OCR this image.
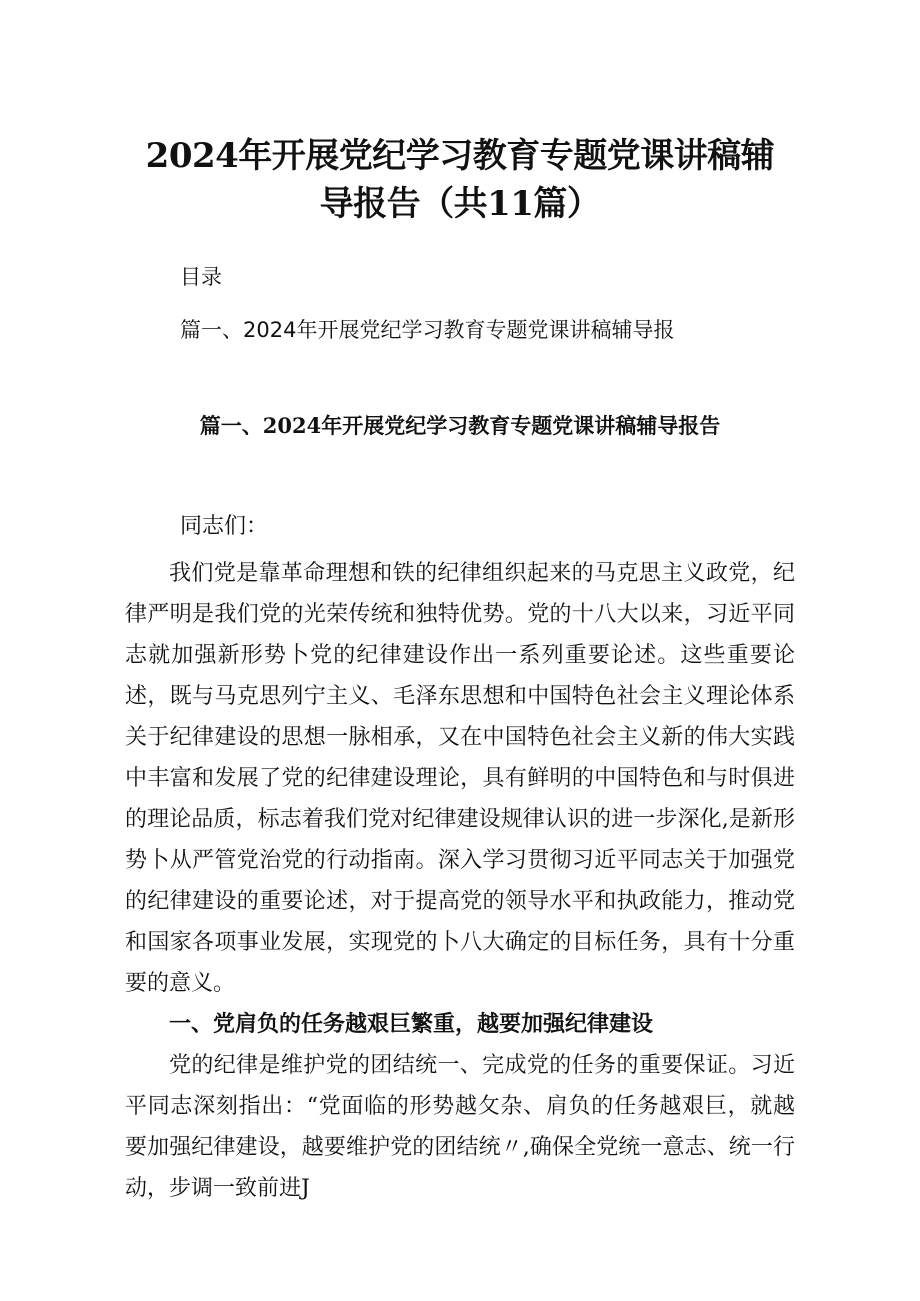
2024年开展党纪学习教育专题党课讲稿辅
导报告（共11篇）
目录
篇一、2024年开展党纪学习教育专题党课讲稿辅导报
篇一、2024年开展党纪学习教育专题党课讲稿辅导报告
同志们：

我们党是靠革命理想和铁的纪律组织起来的马克思主义政党，纪律严明是我们党的光荣传统和独特优势。党的十八大以来，习近平同志就加强新形势卜党的纪律建设作出一系列重要论述。这些重要论述，既与马克思列宁主义、毛泽东思想和中国特色社会主义理论体系关于纪律建设的思想一脉相承，又在中国特色社会主义新的伟大实践中丰富和发展了党的纪律建设理论，具有鲜明的中国特色和与时俱进的理论品质，标志着我们党对纪律建设规律认识的进一步深化,是新形势卜从严管党治党的行动指南。深入学习贯彻习近平同志关于加强党的纪律建设的重要论述，对于提高党的领导水平和执政能力，推动党和国家各项事业发展，实现党的卜八大确定的目标任务，具有十分重要的意义。

一、党肩负的任务越艰巨繁重，越要加强纪律建设

党的纪律是维护党的团结统一、完成党的任务的重要保证。习近平同志深刻指出：“党面临的形势越攵杂、肩负的任务越艰巨，就越要加强纪律建设，越要维护党的团结统〃,确保全党统一意志、统一行动，步调一致前进J
